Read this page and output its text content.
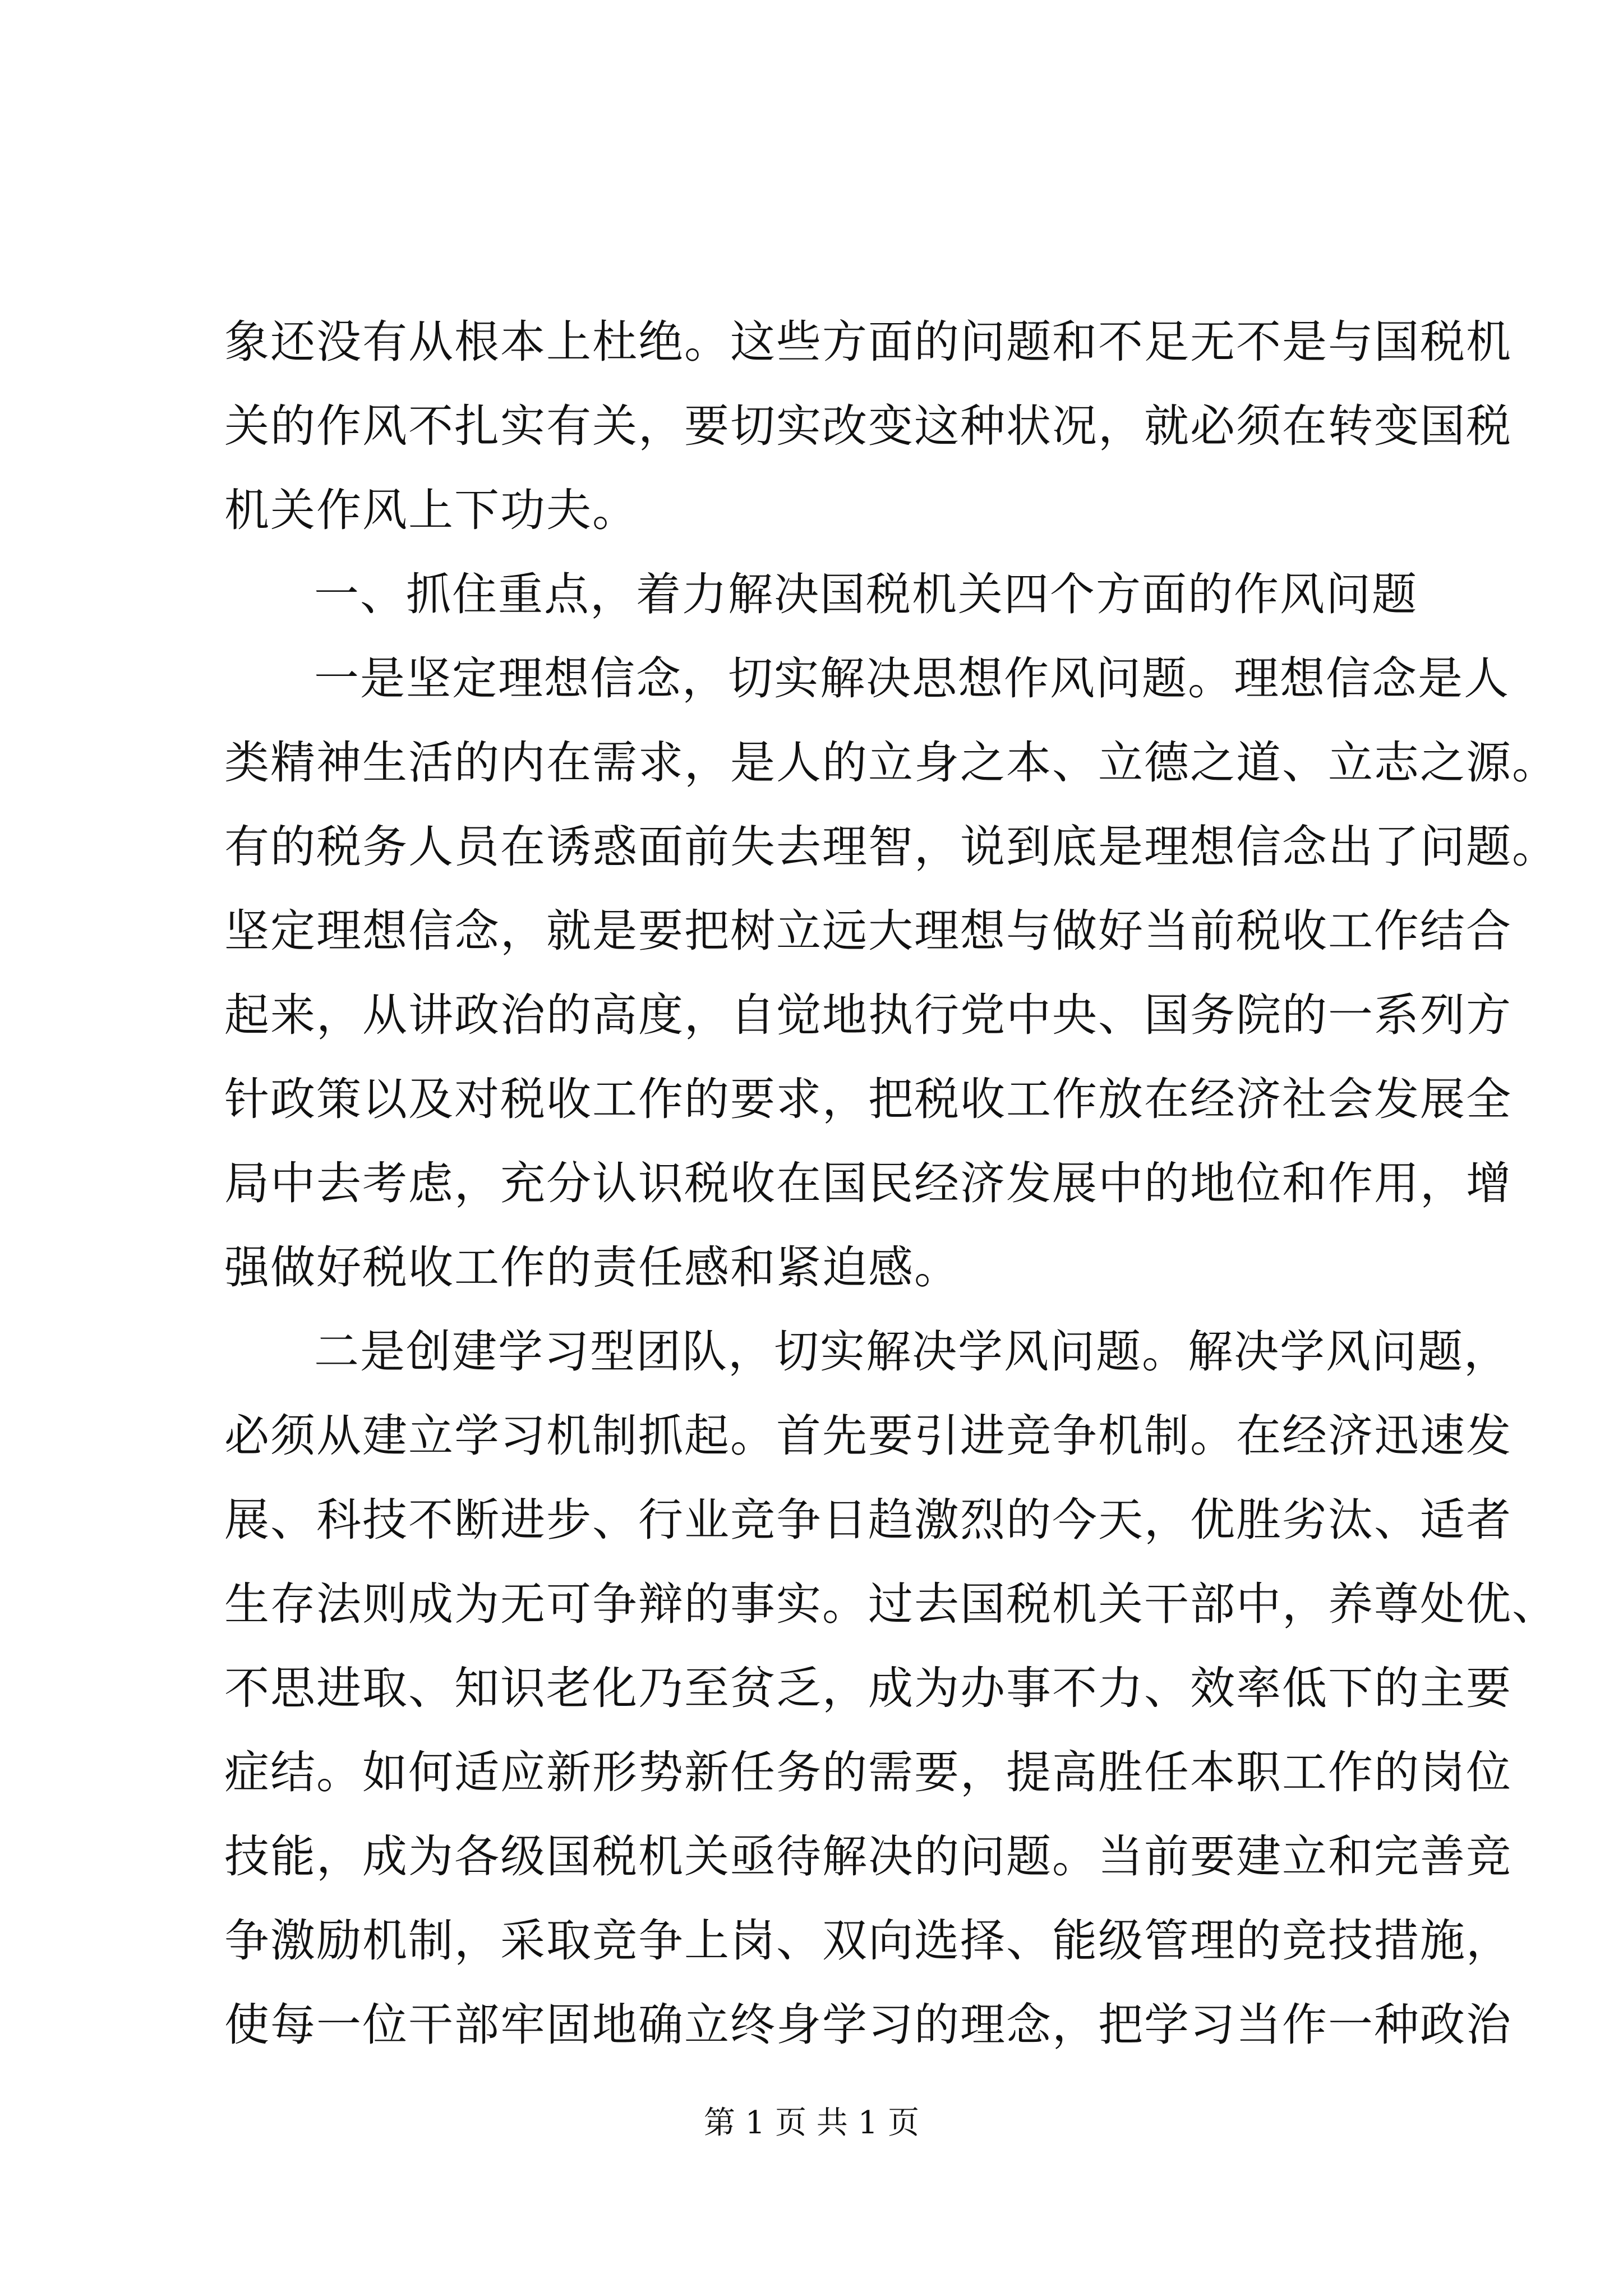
象还没有从根本上杜绝。这些方面的问题和不足无不是与国税机
关的作风不扎实有关，要切实改变这种状况，就必须在转变国税
机关作风上下功夫。
一、抓住重点，着力解决国税机关四个方面的作风问题
一是坚定理想信念，切实解决思想作风问题。理想信念是人
类精神生活的内在需求，是人的立身之本、立德之道、立志之源。
有的税务人员在诱惑面前失去理智，说到底是理想信念出了问题。
坚定理想信念，就是要把树立远大理想与做好当前税收工作结合
起来，从讲政治的高度，自觉地执行党中央、国务院的一系列方
针政策以及对税收工作的要求，把税收工作放在经济社会发展全
局中去考虑，充分认识税收在国民经济发展中的地位和作用，增
强做好税收工作的责任感和紧迫感。
二是创建学习型团队，切实解决学风问题。解决学风问题，
必须从建立学习机制抓起。首先要引进竞争机制。在经济迅速发
展、科技不断进步、行业竞争日趋激烈的今天，优胜劣汰、适者
生存法则成为无可争辩的事实。过去国税机关干部中，养尊处优、
不思进取、知识老化乃至贫乏，成为办事不力、效率低下的主要
症结。如何适应新形势新任务的需要，提高胜任本职工作的岗位
技能，成为各级国税机关亟待解决的问题。当前要建立和完善竞
争激励机制，采取竞争上岗、双向选择、能级管理的竞技措施，
使每一位干部牢固地确立终身学习的理念，把学习当作一种政治
第 1 页 共 1 页
